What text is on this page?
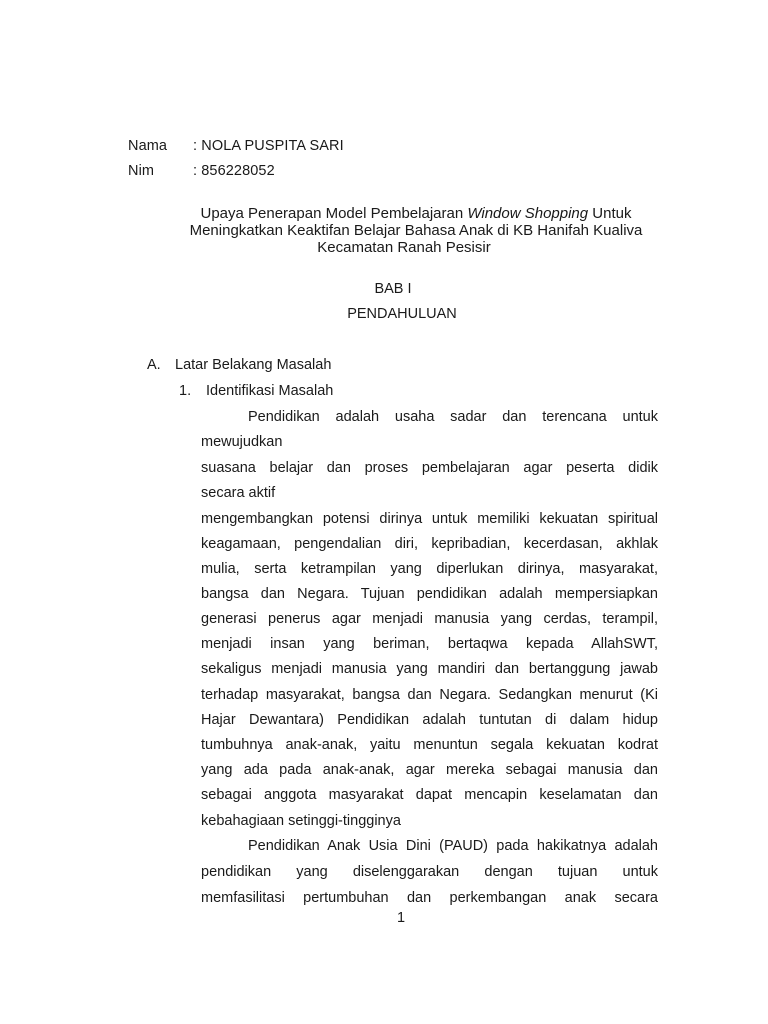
Nama : NOLA PUSPITA SARI
Nim	: 856228052
Upaya Penerapan Model Pembelajaran Window Shopping Untuk
Meningkatkan Keaktifan Belajar Bahasa Anak di KB Hanifah Kualiva
Kecamatan Ranah Pesisir
BAB I
PENDAHULUAN
A. Latar Belakang Masalah
1. Identifikasi Masalah
Pendidikan adalah usaha sadar dan terencana untuk
mewujudkan
suasana belajar dan proses pembelajaran agar peserta didik
secara aktif
mengembangkan potensi dirinya untuk memiliki kekuatan spiritual
keagamaan, pengendalian diri, kepribadian, kecerdasan, akhlak
mulia, serta ketrampilan yang diperlukan dirinya, masyarakat,
bangsa dan Negara. Tujuan pendidikan adalah mempersiapkan
generasi penerus agar menjadi manusia yang cerdas, terampil,
menjadi insan yang beriman, bertaqwa kepada AllahSWT,
sekaligus menjadi manusia yang mandiri dan bertanggung jawab
terhadap masyarakat, bangsa dan Negara. Sedangkan menurut (Ki
Hajar Dewantara) Pendidikan adalah tuntutan di dalam hidup
tumbuhnya anak-anak, yaitu menuntun segala kekuatan kodrat
yang ada pada anak-anak, agar mereka sebagai manusia dan
sebagai anggota masyarakat dapat mencapin keselamatan dan
kebahagiaan setinggi-tingginya
Pendidikan Anak Usia Dini (PAUD) pada hakikatnya adalah
pendidikan yang diselenggarakan dengan tujuan untuk
memfasilitasi pertumbuhan dan perkembangan anak secara
1
